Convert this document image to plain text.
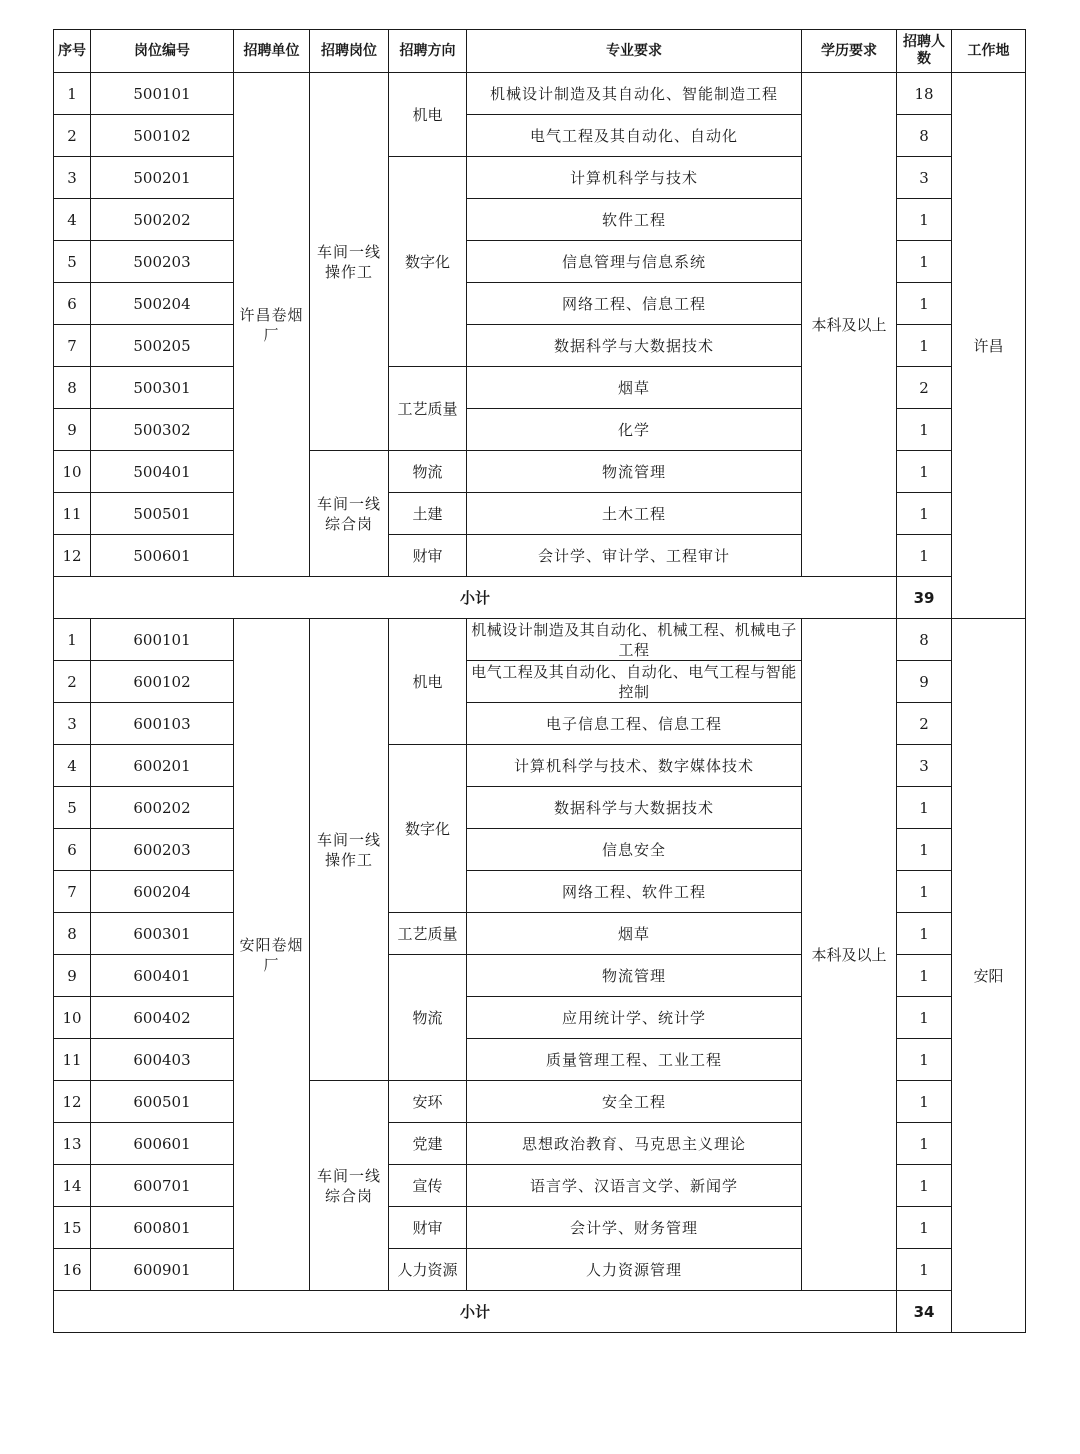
序号	岗位编号	招聘单位	招聘岗位	招聘方向	专业要求	学历要求	招聘人数	工作地
1	500101	许昌卷烟厂	车间一线操作工	机电	机械设计制造及其自动化、智能制造工程	本科及以上	18	许昌
2	500102				电气工程及其自动化、自动化		8	
3	500201			数字化	计算机科学与技术		3	
4	500202				软件工程		1	
5	500203				信息管理与信息系统		1	
6	500204				网络工程、信息工程		1	
7	500205				数据科学与大数据技术		1	
8	500301			工艺质量	烟草		2	
9	500302				化学		1	
10	500401		车间一线综合岗	物流	物流管理		1	
11	500501			土建	土木工程		1	
12	500601			财审	会计学、审计学、工程审计		1	
小计							39	
1	600101	安阳卷烟厂	车间一线操作工	机电	机械设计制造及其自动化、机械工程、机械电子工程	本科及以上	8	安阳
2	600102				电气工程及其自动化、自动化、电气工程与智能控制		9	
3	600103				电子信息工程、信息工程		2	
4	600201			数字化	计算机科学与技术、数字媒体技术		3	
5	600202				数据科学与大数据技术		1	
6	600203				信息安全		1	
7	600204				网络工程、软件工程		1	
8	600301			工艺质量	烟草		1	
9	600401			物流	物流管理		1	
10	600402				应用统计学、统计学		1	
11	600403				质量管理工程、工业工程		1	
12	600501		车间一线综合岗	安环	安全工程		1	
13	600601			党建	思想政治教育、马克思主义理论		1	
14	600701			宣传	语言学、汉语言文学、新闻学		1	
15	600801			财审	会计学、财务管理		1	
16	600901			人力资源	人力资源管理		1	
小计							34	
